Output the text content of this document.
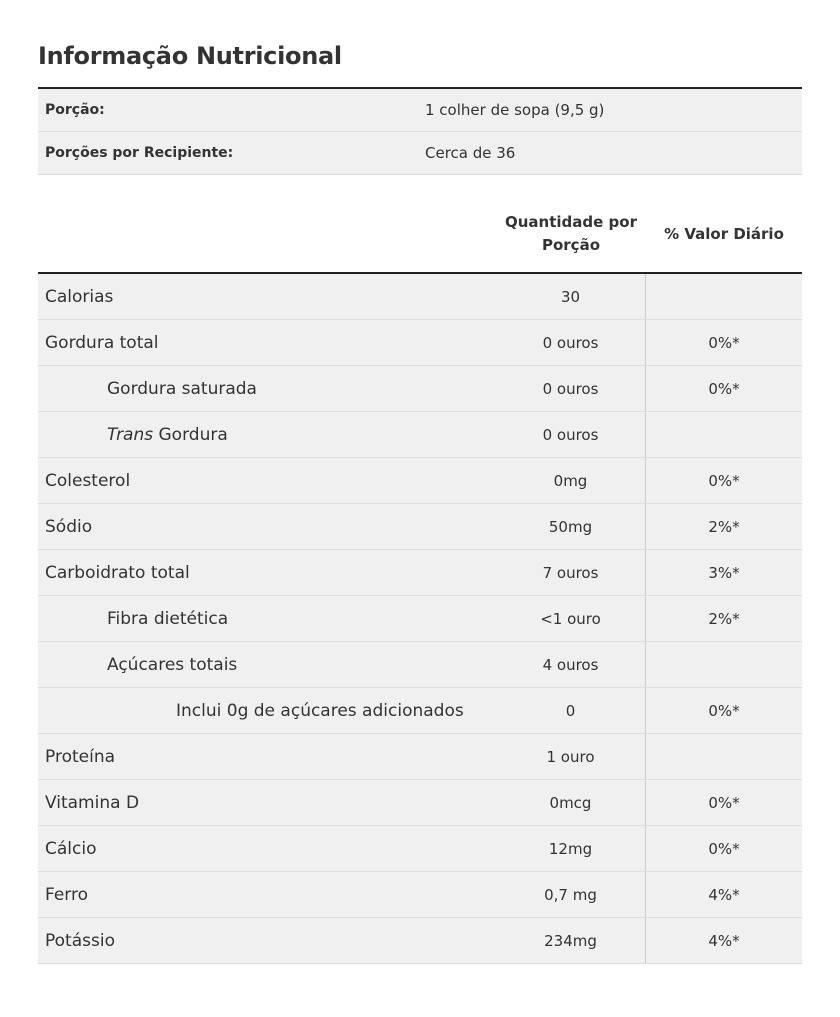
Informação Nutricional
Porção:	1 colher de sopa (9,5 g)
Porções por Recipiente:	Cerca de 36
Quantidade por
Porção
% Valor Diário
Calorias	30
Gordura total	0 ouros	0%*
Gordura saturada	0 ouros	0%*
Trans Gordura	0 ouros
Colesterol	0mg	0%*
Sódio	50mg	2%*
Carboidrato total	7 ouros	3%*
Fibra dietética	<1 ouro	2%*
Açúcares totais	4 ouros
Inclui 0g de açúcares adicionados	0	0%*
Proteína	1 ouro
Vitamina D	0mcg	0%*
Cálcio	12mg	0%*
Ferro	0,7 mg	4%*
Potássio	234mg	4%*
